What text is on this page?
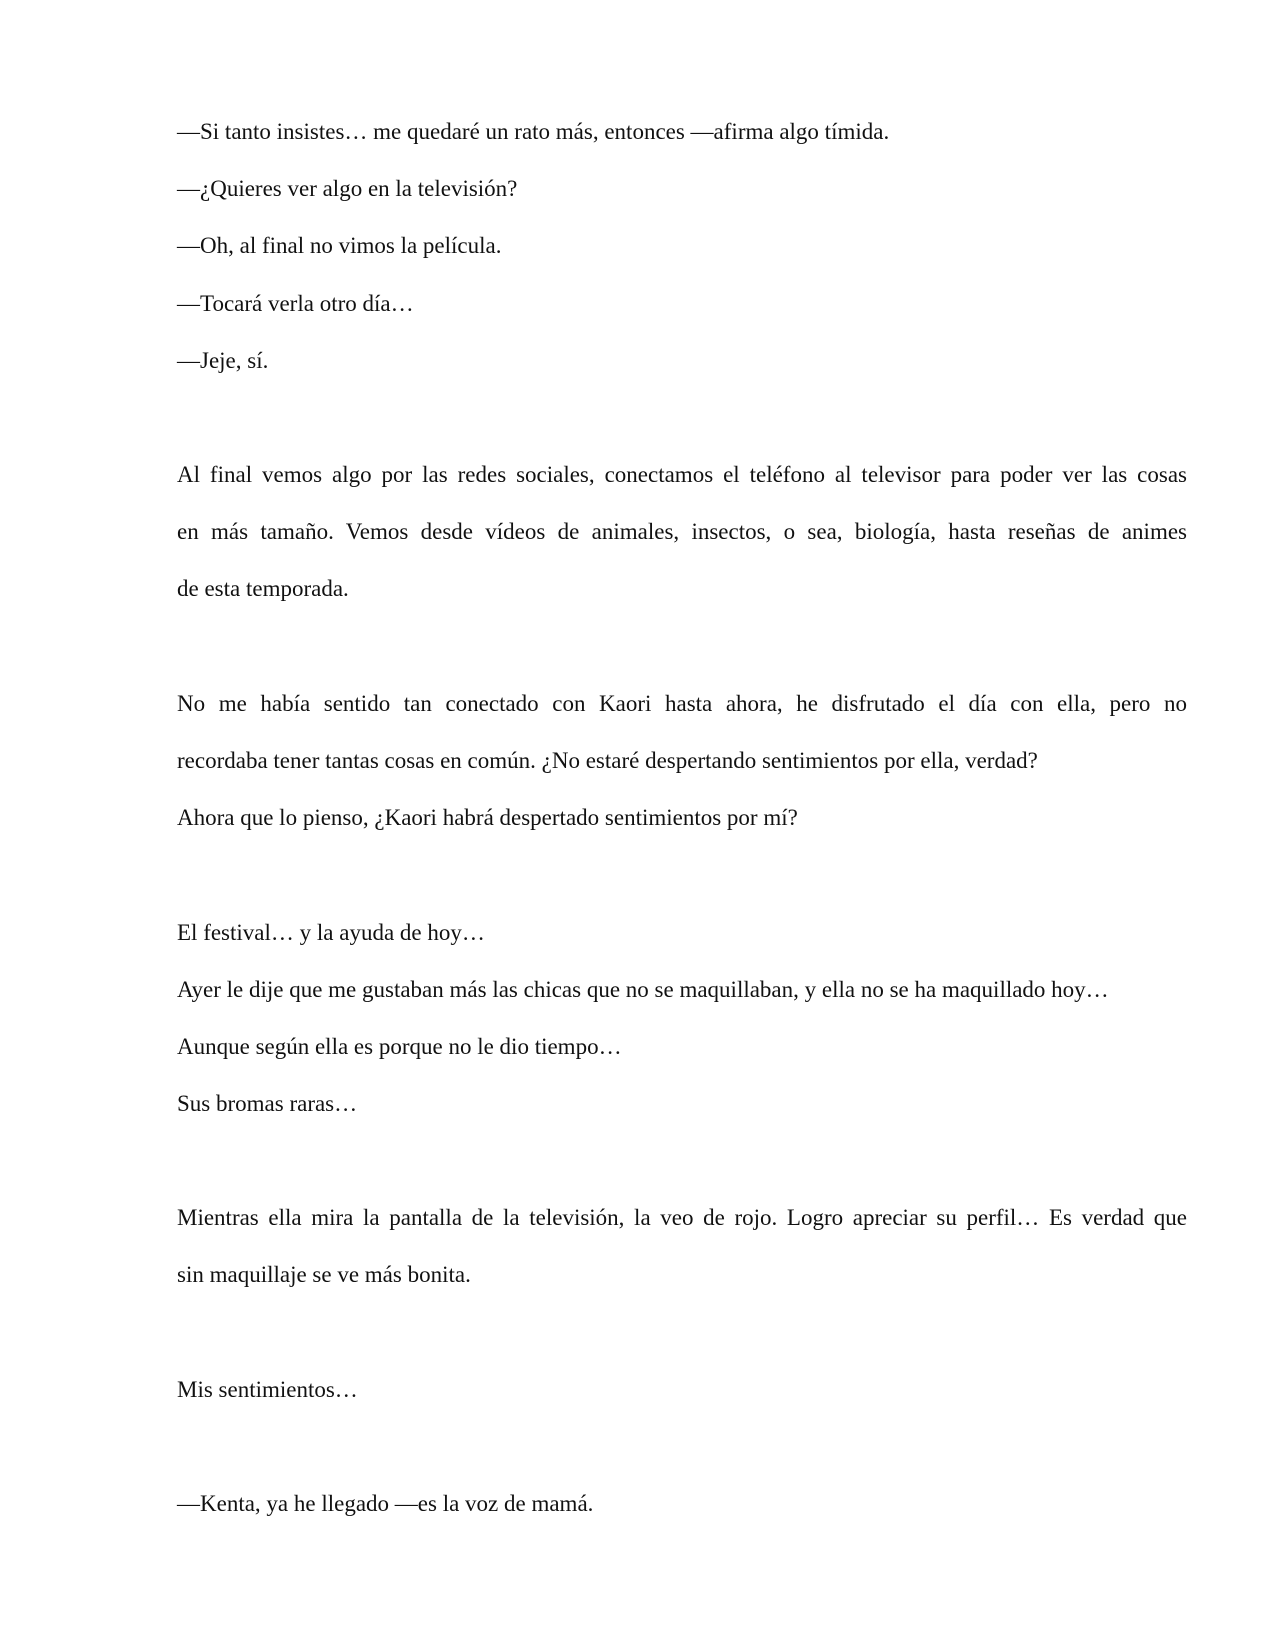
—Si tanto insistes… me quedaré un rato más, entonces —afirma algo tímida.
—¿Quieres ver algo en la televisión?
—Oh, al final no vimos la película.
—Tocará verla otro día…
—Jeje, sí.
Al final vemos algo por las redes sociales, conectamos el teléfono al televisor para poder ver las cosas
en más tamaño. Vemos desde vídeos de animales, insectos, o sea, biología, hasta reseñas de animes
de esta temporada.
No me había sentido tan conectado con Kaori hasta ahora, he disfrutado el día con ella, pero no
recordaba tener tantas cosas en común. ¿No estaré despertando sentimientos por ella, verdad?
Ahora que lo pienso, ¿Kaori habrá despertado sentimientos por mí?
El festival… y la ayuda de hoy…
Ayer le dije que me gustaban más las chicas que no se maquillaban, y ella no se ha maquillado hoy…
Aunque según ella es porque no le dio tiempo…
Sus bromas raras…
Mientras ella mira la pantalla de la televisión, la veo de rojo. Logro apreciar su perfil… Es verdad que
sin maquillaje se ve más bonita.
Mis sentimientos…
—Kenta, ya he llegado —es la voz de mamá.
